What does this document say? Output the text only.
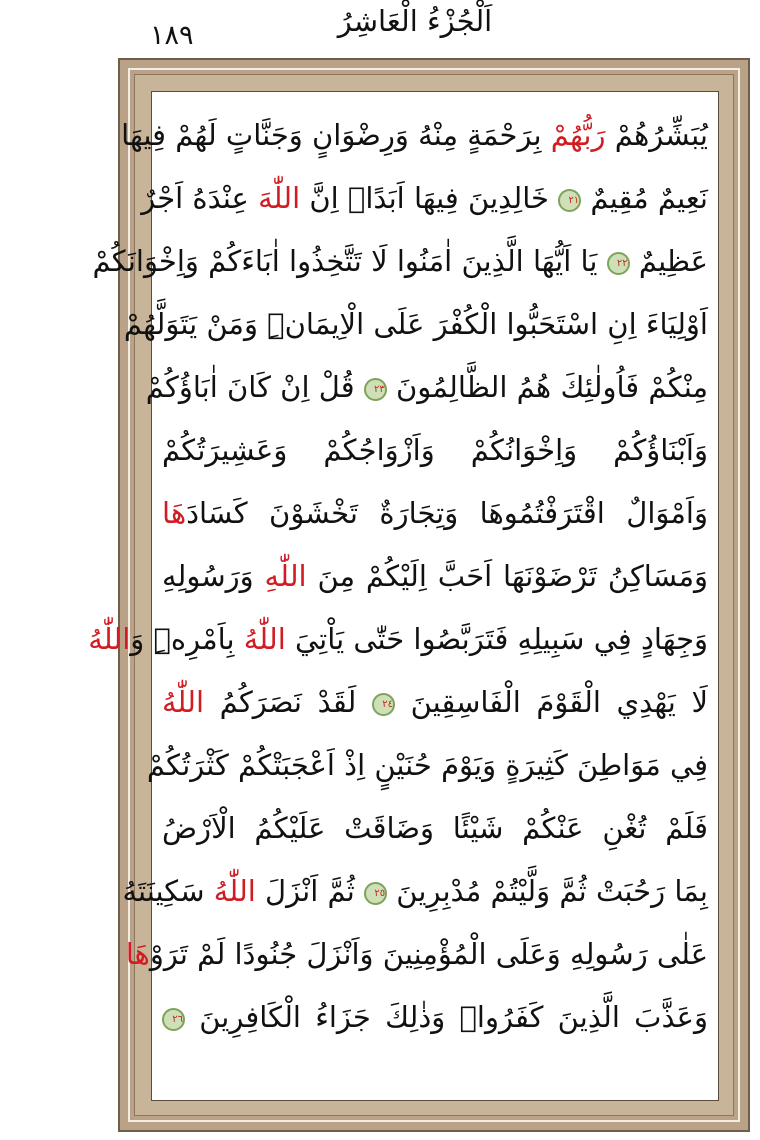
١٨٩	اَلْجُزْءُ الْعَاشِرُ
يُبَشِّرُهُمْ رَبُّهُمْ بِرَحْمَةٍ مِنْهُ وَرِضْوَانٍ وَجَنَّاتٍ لَهُمْ فِيهَا
نَعِيمٌ مُقِيمٌ ٢١ خَالِدِينَ فِيهَا اَبَدًاۜ اِنَّ اللّٰهَ عِنْدَهُ اَجْرٌ
عَظِيمٌ ٢٢ يَا اَيُّهَا الَّذِينَ اٰمَنُوا لَا تَتَّخِذُوا اٰبَاءَكُمْ وَاِخْوَانَكُمْ
اَوْلِيَاءَ اِنِ اسْتَحَبُّوا الْكُفْرَ عَلَى الْاِيمَانِۜ وَمَنْ يَتَوَلَّهُمْ
مِنْكُمْ فَاُولٰئِكَ هُمُ الظَّالِمُونَ ٢٣ قُلْ اِنْ كَانَ اٰبَاؤُكُمْ
وَاَبْنَاؤُكُمْ وَاِخْوَانُكُمْ وَاَزْوَاجُكُمْ وَعَشِيرَتُكُمْ
وَاَمْوَالٌ اقْتَرَفْتُمُوهَا وَتِجَارَةٌ تَخْشَوْنَ كَسَادَهَا
وَمَسَاكِنُ تَرْضَوْنَهَا اَحَبَّ اِلَيْكُمْ مِنَ اللّٰهِ وَرَسُولِهِ
وَجِهَادٍ فِي سَبِيلِهِ فَتَرَبَّصُوا حَتّٰى يَاْتِيَ اللّٰهُ بِاَمْرِهِۜ وَاللّٰهُ
لَا يَهْدِي الْقَوْمَ الْفَاسِقِينَ ٢٤ لَقَدْ نَصَرَكُمُ اللّٰهُ
فِي مَوَاطِنَ كَثِيرَةٍ وَيَوْمَ حُنَيْنٍ اِذْ اَعْجَبَتْكُمْ كَثْرَتُكُمْ
فَلَمْ تُغْنِ عَنْكُمْ شَيْئًا وَضَاقَتْ عَلَيْكُمُ الْاَرْضُ
بِمَا رَحُبَتْ ثُمَّ وَلَّيْتُمْ مُدْبِرِينَ ٢٥ ثُمَّ اَنْزَلَ اللّٰهُ سَكِينَتَهُ
عَلٰى رَسُولِهِ وَعَلَى الْمُؤْمِنِينَ وَاَنْزَلَ جُنُودًا لَمْ تَرَوْهَا
وَعَذَّبَ الَّذِينَ كَفَرُواۜ وَذٰلِكَ جَزَاءُ الْكَافِرِينَ ٢٦
